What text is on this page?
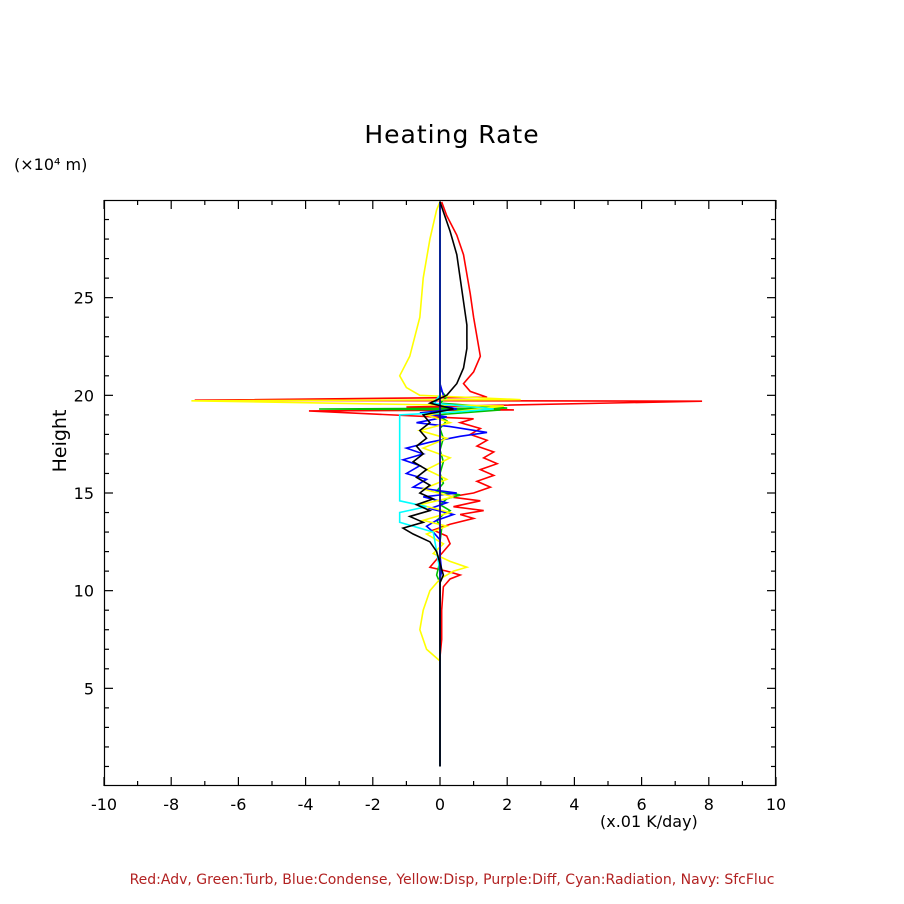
Heating Rate
(×10⁴ m)
Height
(x.01 K/day)
-10	-8	-6	-4	-2	0	2	4	6	8	10
5
10
15
20
25
Red:Adv, Green:Turb, Blue:Condense, Yellow:Disp, Purple:Diff, Cyan:Radiation, Navy: SfcFluc
